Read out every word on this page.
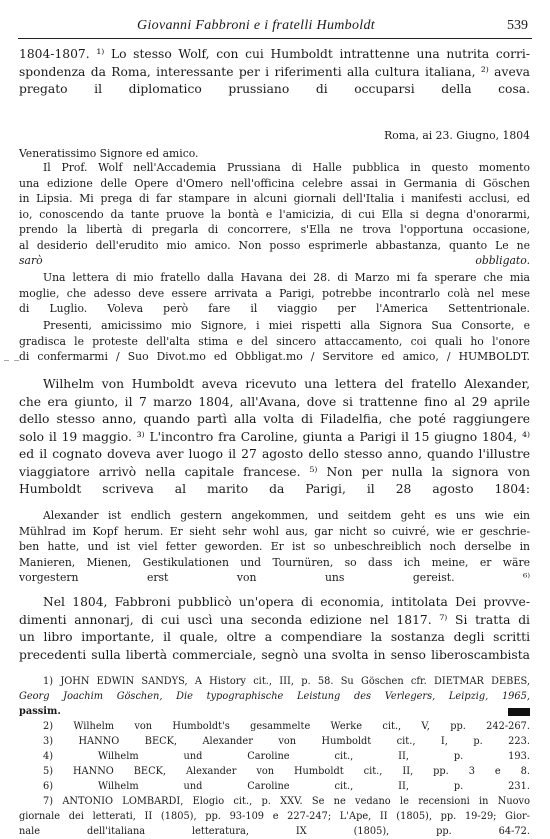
Giovanni Fabbroni e i fratelli Humboldt	539
1804-1807. ¹⁾ Lo stesso Wolf, con cui Humboldt intrattenne una nutrita corri-
spondenza da Roma, interessante per i riferimenti alla cultura italiana, ²⁾ aveva
pregato il diplomatico prussiano di occuparsi della cosa.
Roma, ai 23. Giugno, 1804
Veneratissimo Signore ed amico.
Il Prof. Wolf nell'Accademia Prussiana di Halle pubblica in questo momento
una edizione delle Opere d'Omero nell'officina celebre assai in Germania di Göschen
in Lipsia. Mi prega di far stampare in alcuni giornali dell'Italia i manifesti acclusi, ed
io, conoscendo da tante pruove la bontà e l'amicizia, di cui Ella si degna d'onorarmi,
prendo la libertà di pregarla di concorrere, s'Ella ne trova l'opportuna occasione,
al desiderio dell'erudito mio amico. Non posso esprimerle abbastanza, quanto Le ne
sarò obbligato.
Una lettera di mio fratello dalla Havana dei 28. di Marzo mi fa sperare che mia
moglie, che adesso deve essere arrivata a Parigi, potrebbe incontrarlo colà nel mese
di Luglio. Voleva però fare il viaggio per l'America Settentrionale.
Presenti, amicissimo mio Signore, i miei rispetti alla Signora Sua Consorte, e
gradisca le proteste dell'alta stima e del sincero attaccamento, coi quali ho l'onore
di confermarmi / Suo Divot.mo ed Obbligat.mo / Servitore ed amico, / HUMBOLDT.
_ _
Wilhelm von Humboldt aveva ricevuto una lettera del fratello Alexander,
che era giunto, il 7 marzo 1804, all'Avana, dove si trattenne fino al 29 aprile
dello stesso anno, quando partì alla volta di Filadelfia, che poté raggiungere
solo il 19 maggio. ³⁾ L'incontro fra Caroline, giunta a Parigi il 15 giugno 1804, ⁴⁾
ed il cognato doveva aver luogo il 27 agosto dello stesso anno, quando l'illustre
viaggiatore arrivò nella capitale francese. ⁵⁾ Non per nulla la signora von
Humboldt scriveva al marito da Parigi, il 28 agosto 1804:
Alexander ist endlich gestern angekommen, und seitdem geht es uns wie ein
Mühlrad im Kopf herum. Er sieht sehr wohl aus, gar nicht so cuivré, wie er geschrie-
ben hatte, und ist viel fetter geworden. Er ist so unbeschreiblich noch derselbe in
Manieren, Mienen, Gestikulationen und Tournüren, so dass ich meine, er wäre
vorgestern erst von uns gereist. ⁶⁾
Nel 1804, Fabbroni pubblicò un'opera di economia, intitolata Dei provve-
dimenti annonarj, di cui uscì una seconda edizione nel 1817. ⁷⁾ Si tratta di
un libro importante, il quale, oltre a compendiare la sostanza degli scritti
precedenti sulla libertà commerciale, segnò una svolta in senso liberoscambista
1) JOHN EDWIN SANDYS, A History cit., III, p. 58. Su Göschen cfr. DIETMAR DEBES,
Georg Joachim Göschen, Die typographische Leistung des Verlegers, Leipzig, 1965,
passim.
2) Wilhelm von Humboldt's gesammelte Werke cit., V, pp. 242-267.
3) HANNO BECK, Alexander von Humboldt cit., I, p. 223.
4) Wilhelm und Caroline cit., II, p. 193.
5) HANNO BECK, Alexander von Humboldt cit., II, pp. 3 e 8.
6) Wilhelm und Caroline cit., II, p. 231.
7) ANTONIO LOMBARDI, Elogio cit., p. XXV. Se ne vedano le recensioni in Nuovo
giornale dei letterati, II (1805), pp. 93-109 e 227-247; L'Ape, II (1805), pp. 19-29; Gior-
nale dell'italiana letteratura, IX (1805), pp. 64-72.
